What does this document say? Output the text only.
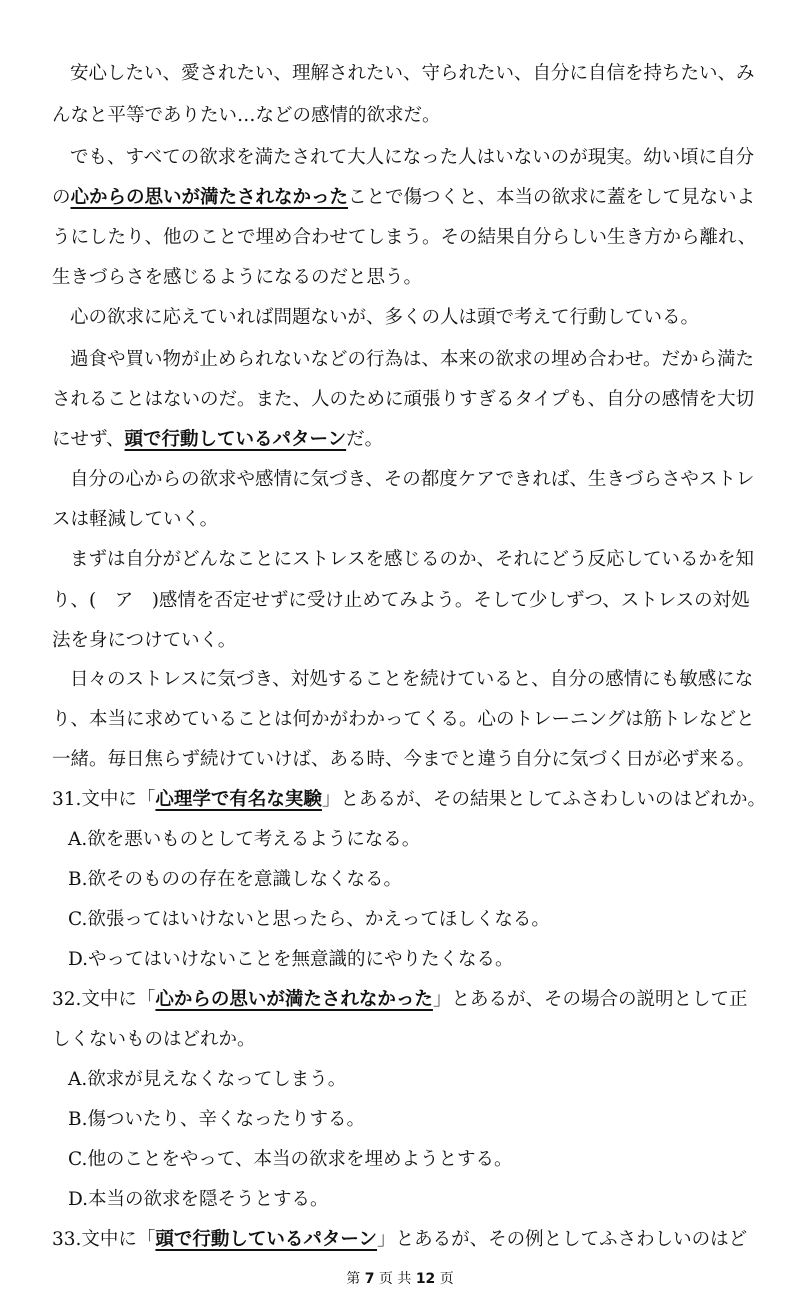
安心したい、愛されたい、理解されたい、守られたい、自分に自信を持ちたい、み
んなと平等でありたい…などの感情的欲求だ。
でも、すべての欲求を満たされて大人になった人はいないのが現実。幼い頃に自分
の心からの思いが満たされなかったことで傷つくと、本当の欲求に蓋をして見ないよ
うにしたり、他のことで埋め合わせてしまう。その結果自分らしい生き方から離れ、
生きづらさを感じるようになるのだと思う。
心の欲求に応えていれば問題ないが、多くの人は頭で考えて行動している。
過食や買い物が止められないなどの行為は、本来の欲求の埋め合わせ。だから満た
されることはないのだ。また、人のために頑張りすぎるタイプも、自分の感情を大切
にせず、頭で行動しているパターンだ。
自分の心からの欲求や感情に気づき、その都度ケアできれば、生きづらさやストレ
スは軽減していく。
まずは自分がどんなことにストレスを感じるのか、それにどう反応しているかを知
り、(　ア　)感情を否定せずに受け止めてみよう。そして少しずつ、ストレスの対処
法を身につけていく。
日々のストレスに気づき、対処することを続けていると、自分の感情にも敏感にな
り、本当に求めていることは何かがわかってくる。心のトレーニングは筋トレなどと
一緒。毎日焦らず続けていけば、ある時、今までと違う自分に気づく日が必ず来る。
31.文中に「心理学で有名な実験」とあるが、その結果としてふさわしいのはどれか。
A.欲を悪いものとして考えるようになる。
B.欲そのものの存在を意識しなくなる。
C.欲張ってはいけないと思ったら、かえってほしくなる。
D.やってはいけないことを無意識的にやりたくなる。
32.文中に「心からの思いが満たされなかった」とあるが、その場合の説明として正
しくないものはどれか。
A.欲求が見えなくなってしまう。
B.傷ついたり、辛くなったりする。
C.他のことをやって、本当の欲求を埋めようとする。
D.本当の欲求を隠そうとする。
33.文中に「頭で行動しているパターン」とあるが、その例としてふさわしいのはど
第 7 页 共 12 页
